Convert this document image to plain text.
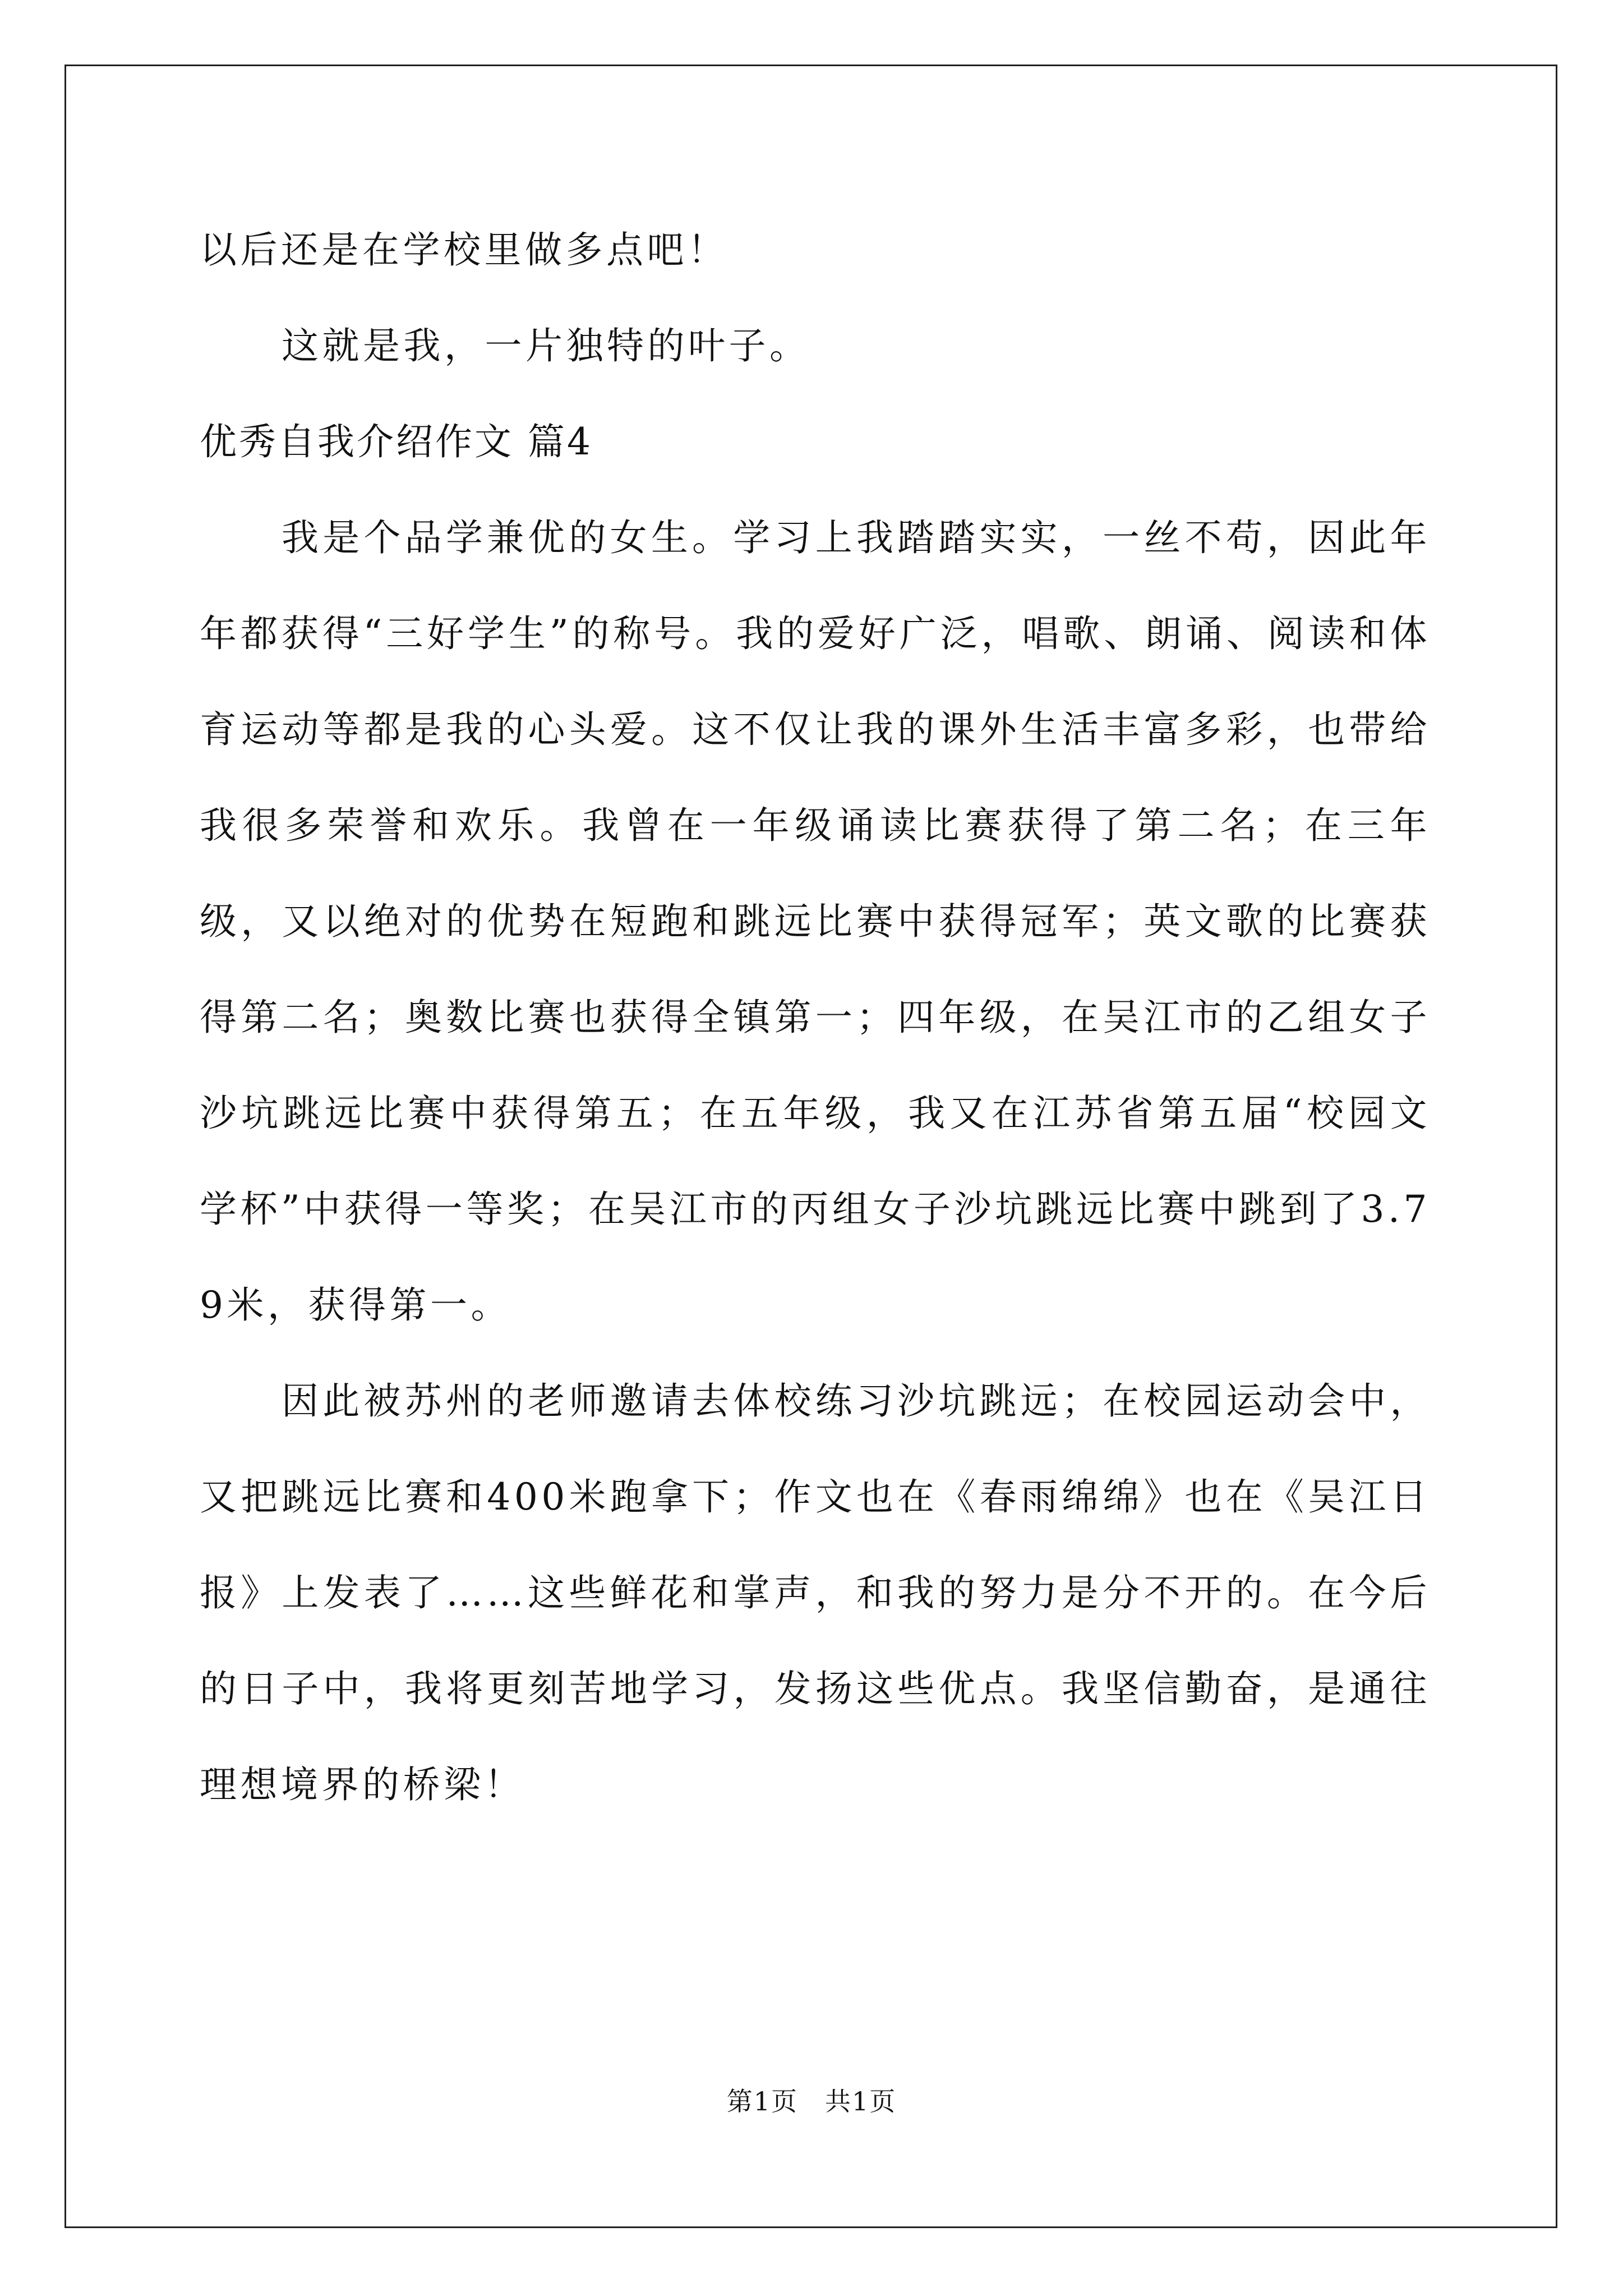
以后还是在学校里做多点吧！

这就是我，一片独特的叶子。

优秀自我介绍作文 篇4

我是个品学兼优的女生。学习上我踏踏实实，一丝不苟，因此年年都获得“三好学生”的称号。我的爱好广泛，唱歌、朗诵、阅读和体育运动等都是我的心头爱。这不仅让我的课外生活丰富多彩，也带给我很多荣誉和欢乐。我曾在一年级诵读比赛获得了第二名；在三年级，又以绝对的优势在短跑和跳远比赛中获得冠军；英文歌的比赛获得第二名；奥数比赛也获得全镇第一；四年级，在吴江市的乙组女子沙坑跳远比赛中获得第五；在五年级，我又在江苏省第五届“校园文学杯”中获得一等奖；在吴江市的丙组女子沙坑跳远比赛中跳到了3.79米，获得第一。

因此被苏州的老师邀请去体校练习沙坑跳远；在校园运动会中，又把跳远比赛和400米跑拿下；作文也在《春雨绵绵》也在《吴江日报》上发表了……这些鲜花和掌声，和我的努力是分不开的。在今后的日子中，我将更刻苦地学习，发扬这些优点。我坚信勤奋，是通往理想境界的桥梁！

第1页　共1页
